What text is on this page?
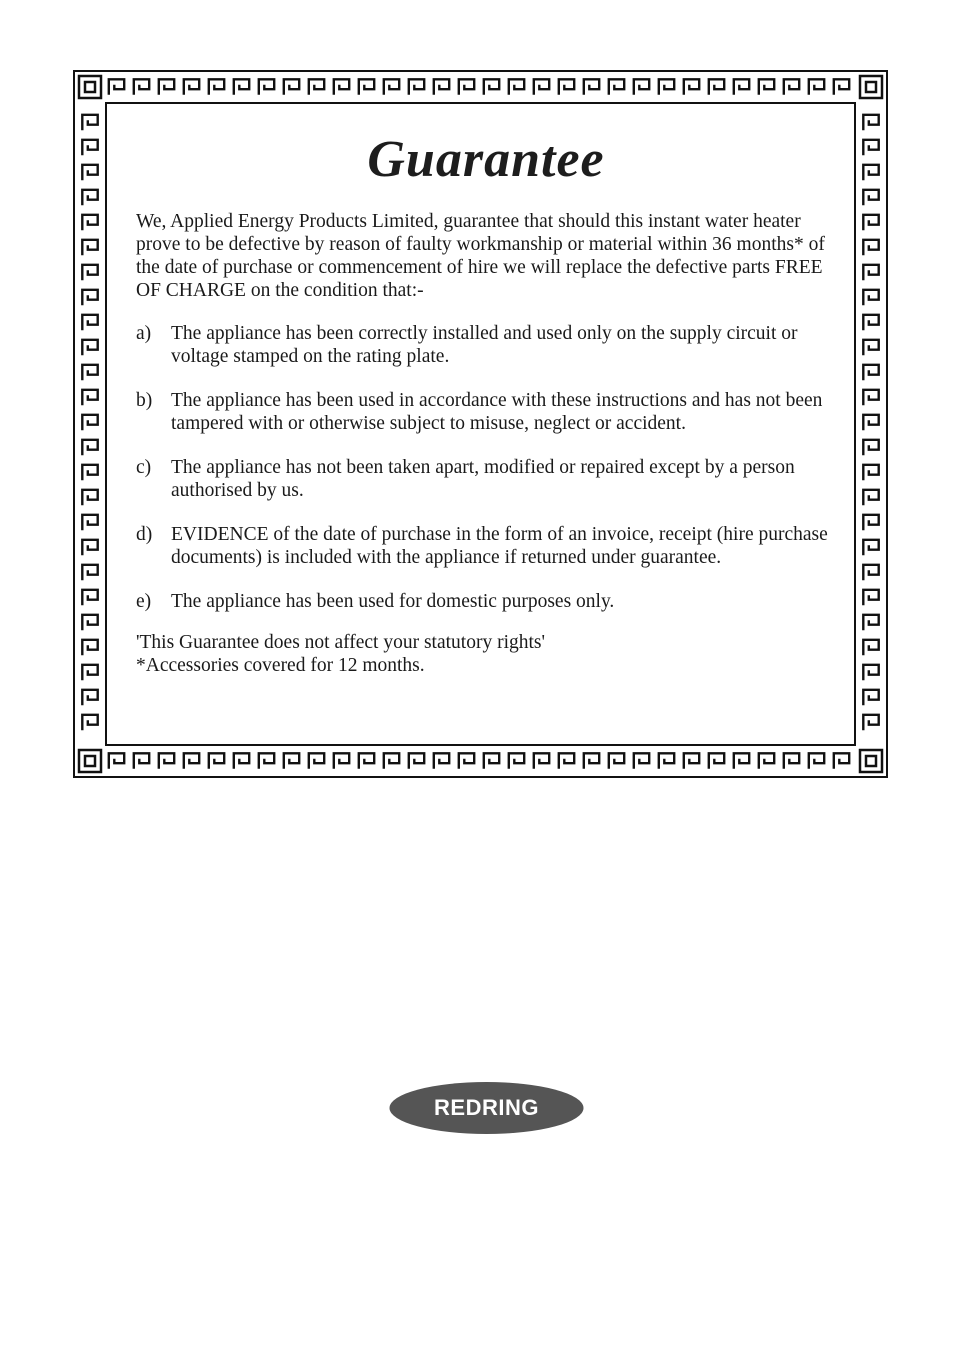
Guarantee

We, Applied Energy Products Limited, guarantee that should this instant water heater prove to be defective by reason of faulty workmanship or material within 36 months* of the date of purchase or commencement of hire we will replace the defective parts FREE OF CHARGE on the condition that:-

a)	The appliance has been correctly installed and used only on the supply circuit or voltage stamped on the rating plate.
b) The appliance has been used in accordance with these instructions and has not been tampered with or otherwise subject to misuse, neglect or accident.
c)	The appliance has not been taken apart, modified or repaired except by a person authorised by us.
d) EVIDENCE of the date of purchase in the form of an invoice, receipt (hire purchase documents) is included with the appliance if returned under guarantee.
e)	The appliance has been used for domestic purposes only.

'This Guarantee does not affect your statutory rights'

*Accessories covered for 12 months.

REDRING
